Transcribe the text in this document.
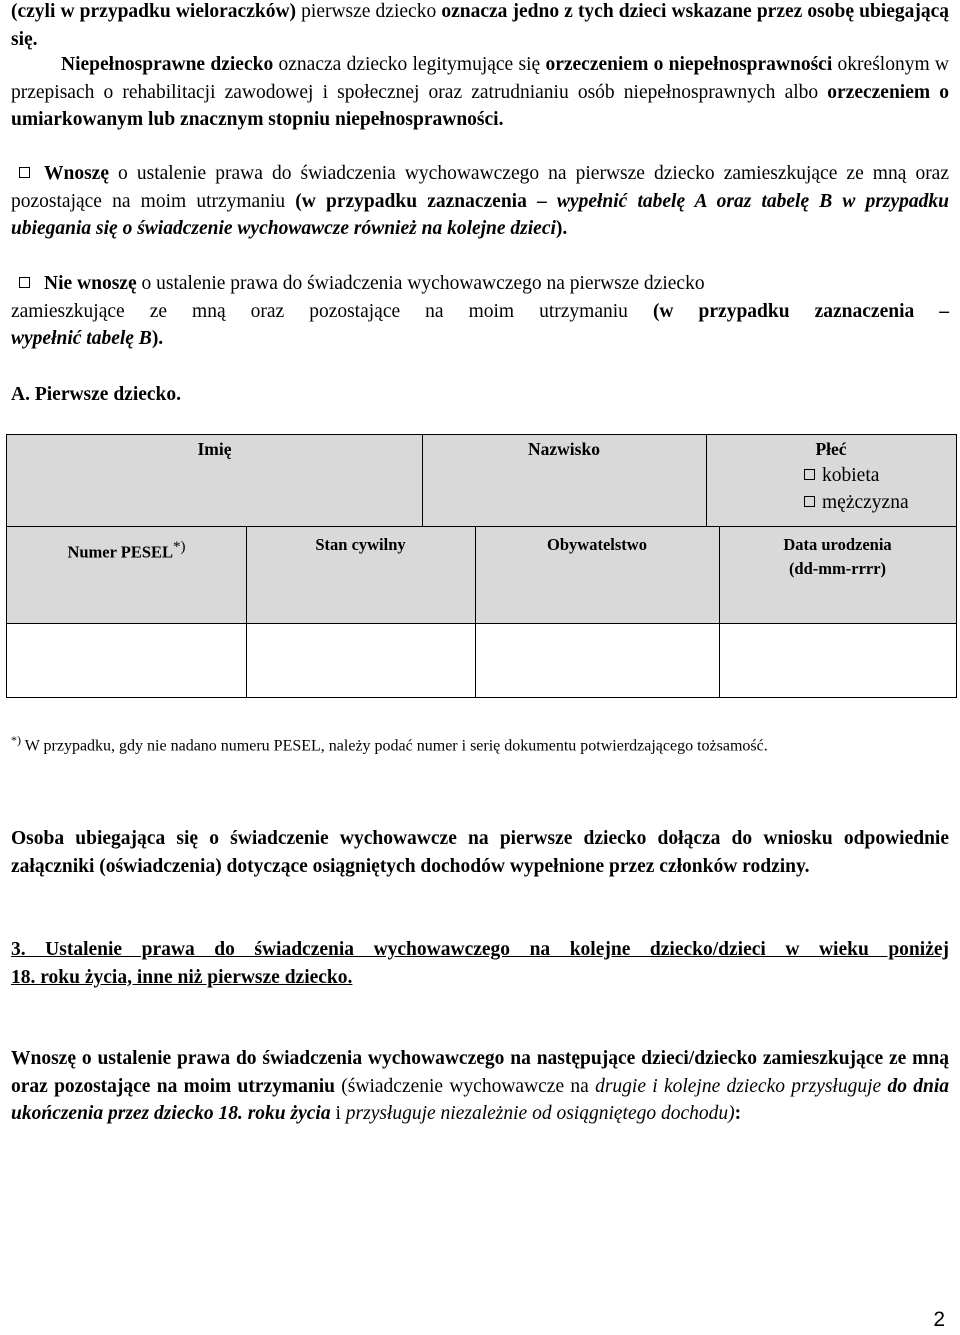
(czyli w przypadku wieloraczków) pierwsze dziecko oznacza jedno z tych dzieci wskazane przez osobę ubiegającą się.
Niepełnosprawne dziecko oznacza dziecko legitymujące się orzeczeniem o niepełnosprawności określonym w przepisach o rehabilitacji zawodowej i społecznej oraz zatrudnianiu osób niepełnosprawnych albo orzeczeniem o umiarkowanym lub znacznym stopniu niepełnosprawności.
Wnoszę o ustalenie prawa do świadczenia wychowawczego na pierwsze dziecko zamieszkujące ze mną oraz pozostające na moim utrzymaniu (w przypadku zaznaczenia – wypełnić tabelę A oraz tabelę B w przypadku ubiegania się o świadczenie wychowawcze również na kolejne dzieci).
Nie wnoszę o ustalenie prawa do świadczenia wychowawczego na pierwsze dziecko
zamieszkujące ze mną oraz pozostające na moim utrzymaniu (w przypadku zaznaczenia –
wypełnić tabelę B).
A. Pierwsze dziecko.
Imię	Nazwisko	Płeć
kobieta
mężczyzna
Numer PESEL*)	Stan cywilny	Obywatelstwo	Data urodzenia
(dd-mm-rrrr)
*) W przypadku, gdy nie nadano numeru PESEL, należy podać numer i serię dokumentu potwierdzającego tożsamość.
Osoba ubiegająca się o świadczenie wychowawcze na pierwsze dziecko dołącza do wniosku odpowiednie załączniki (oświadczenia) dotyczące osiągniętych dochodów wypełnione przez członków rodziny.
3. Ustalenie prawa do świadczenia wychowawczego na kolejne dziecko/dzieci w wieku poniżej
18. roku życia, inne niż pierwsze dziecko.
Wnoszę o ustalenie prawa do świadczenia wychowawczego na następujące dzieci/dziecko zamieszkujące ze mną oraz pozostające na moim utrzymaniu (świadczenie wychowawcze na drugie i kolejne dziecko przysługuje do dnia ukończenia przez dziecko 18. roku życia i przysługuje niezależnie od osiągniętego dochodu):
2
